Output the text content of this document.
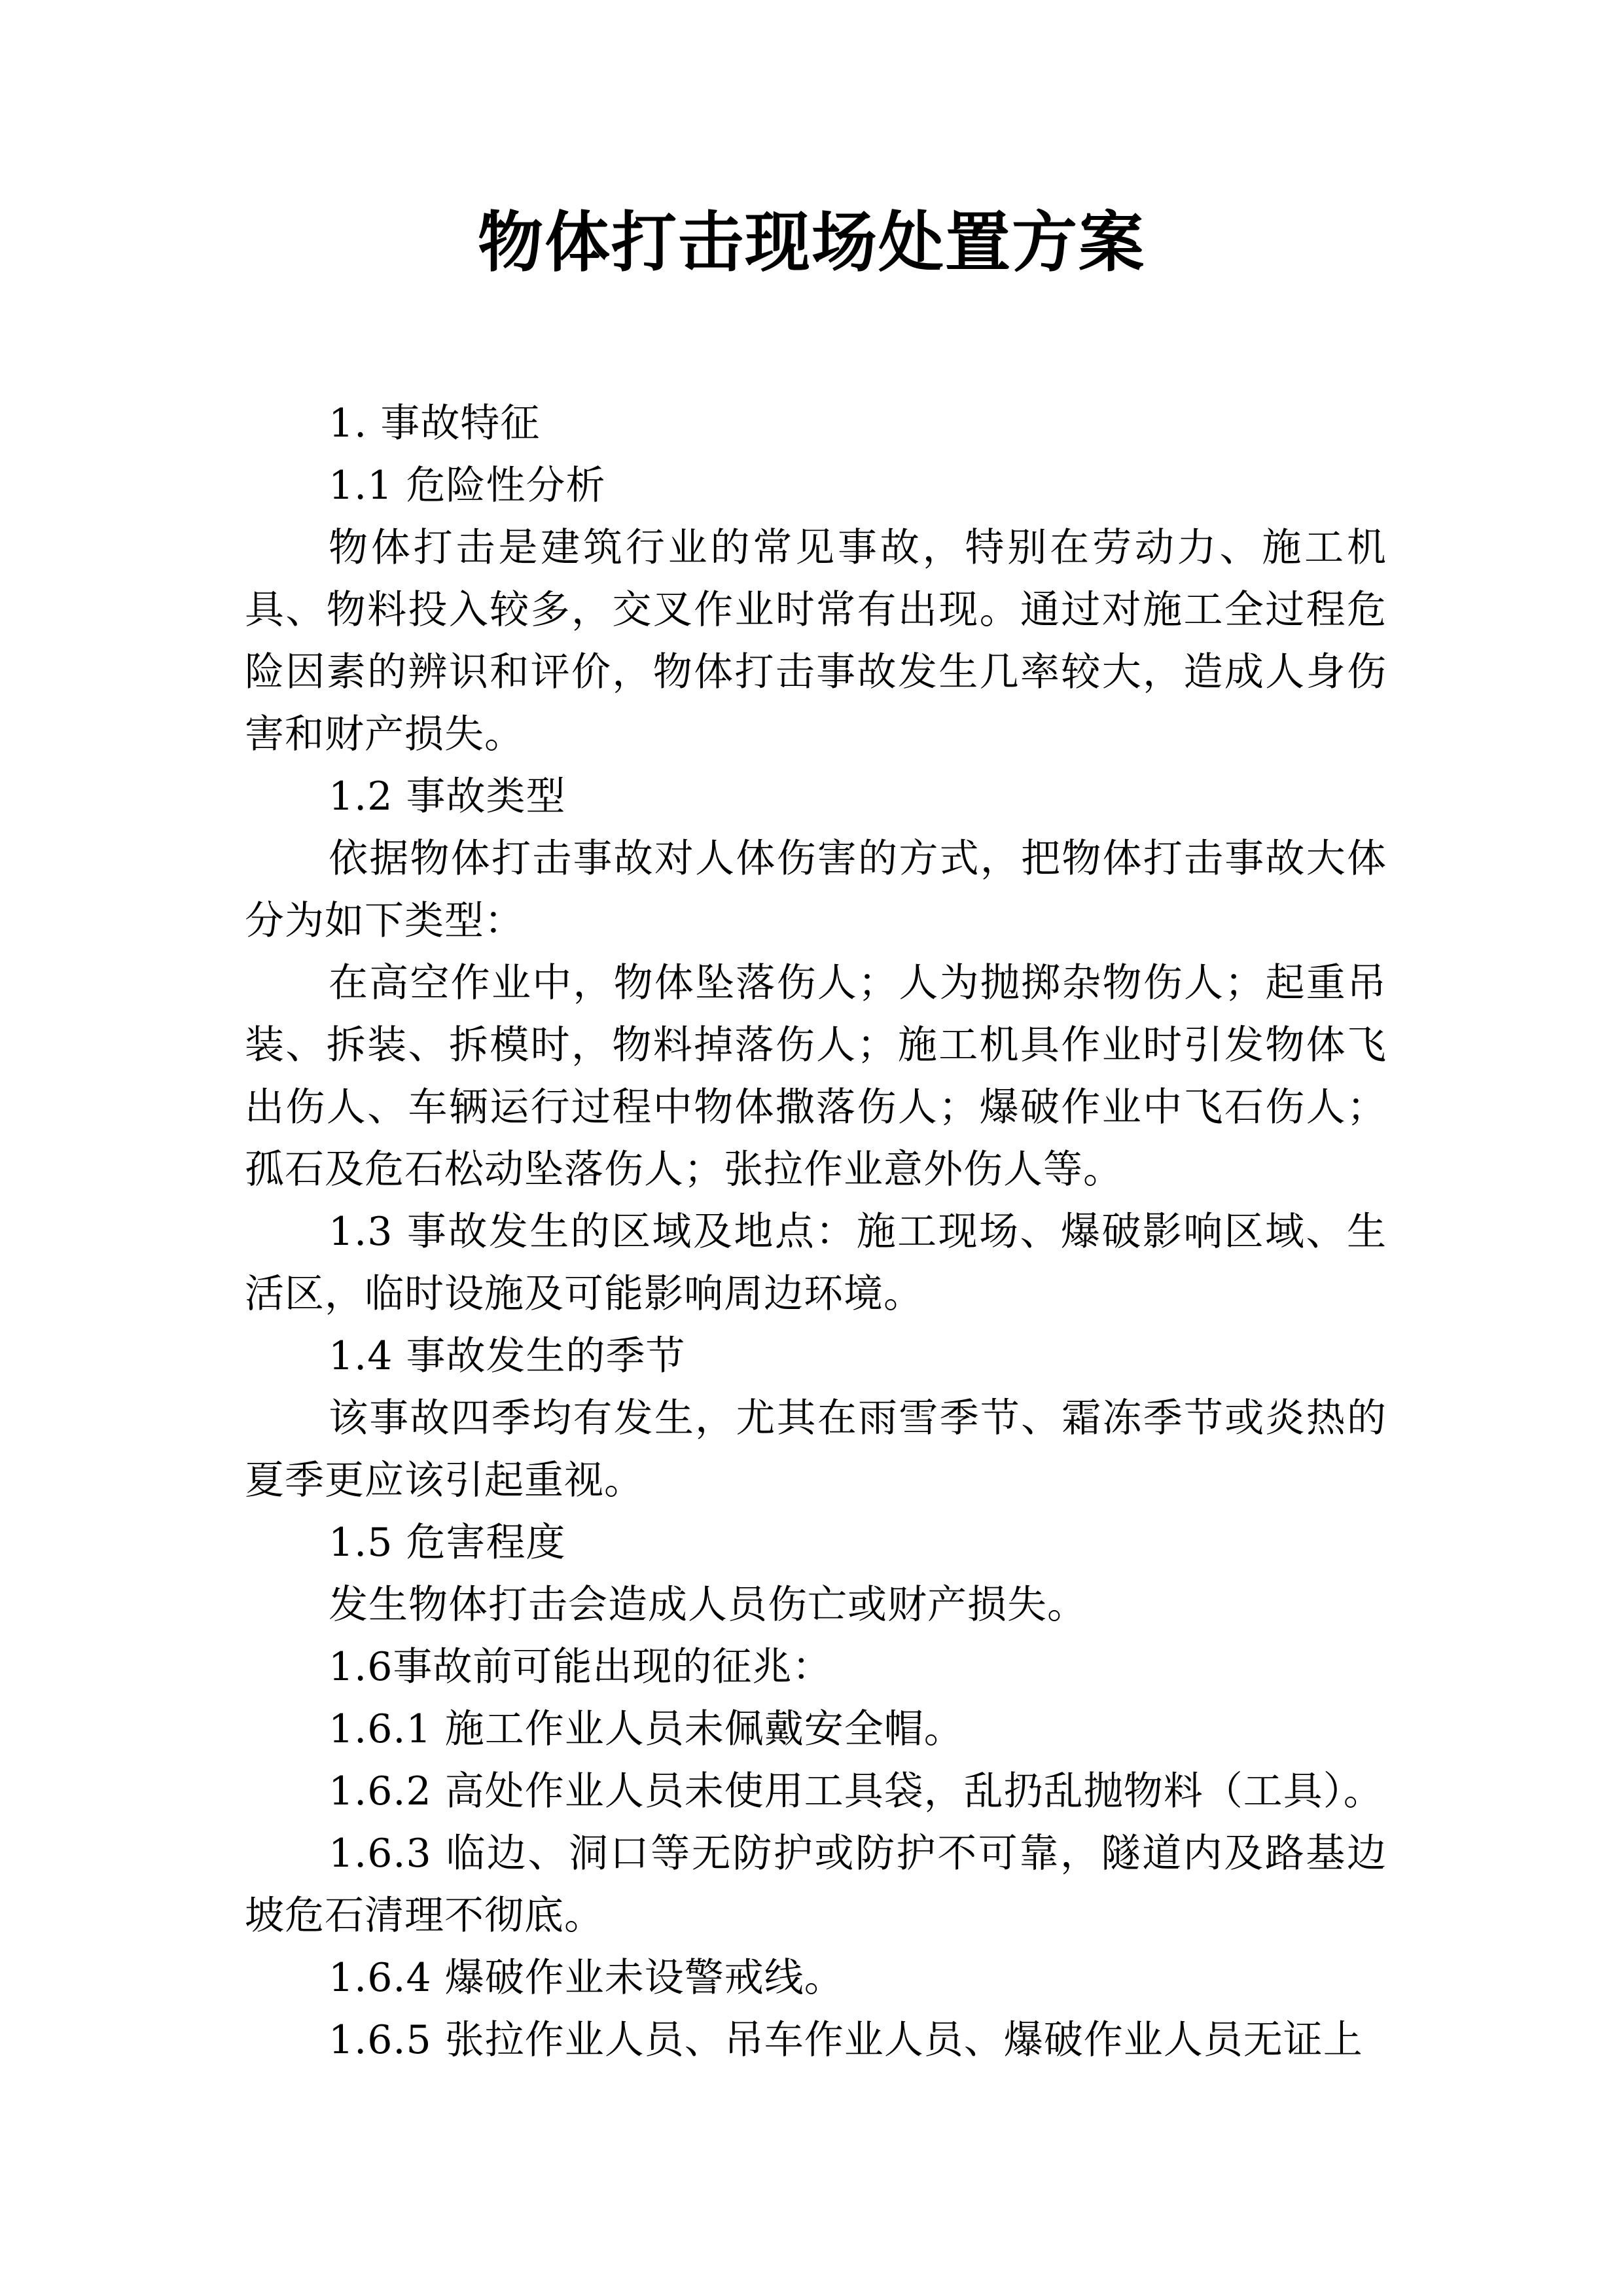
物体打击现场处置方案

1. 事故特征

1.1 危险性分析

物体打击是建筑行业的常见事故，特别在劳动力、施工机具、物料投入较多，交叉作业时常有出现。通过对施工全过程危险因素的辨识和评价，物体打击事故发生几率较大，造成人身伤害和财产损失。

1.2 事故类型

依据物体打击事故对人体伤害的方式，把物体打击事故大体分为如下类型：

在高空作业中，物体坠落伤人；人为抛掷杂物伤人；起重吊装、拆装、拆模时，物料掉落伤人；施工机具作业时引发物体飞出伤人、车辆运行过程中物体撒落伤人；爆破作业中飞石伤人；孤石及危石松动坠落伤人；张拉作业意外伤人等。

1.3 事故发生的区域及地点：施工现场、爆破影响区域、生活区，临时设施及可能影响周边环境。

1.4 事故发生的季节

该事故四季均有发生，尤其在雨雪季节、霜冻季节或炎热的夏季更应该引起重视。

1.5 危害程度

发生物体打击会造成人员伤亡或财产损失。

1.6事故前可能出现的征兆：

1.6.1 施工作业人员未佩戴安全帽。

1.6.2 高处作业人员未使用工具袋，乱扔乱抛物料（工具）。

1.6.3 临边、洞口等无防护或防护不可靠，隧道内及路基边坡危石清理不彻底。

1.6.4 爆破作业未设警戒线。

1.6.5 张拉作业人员、吊车作业人员、爆破作业人员无证上
